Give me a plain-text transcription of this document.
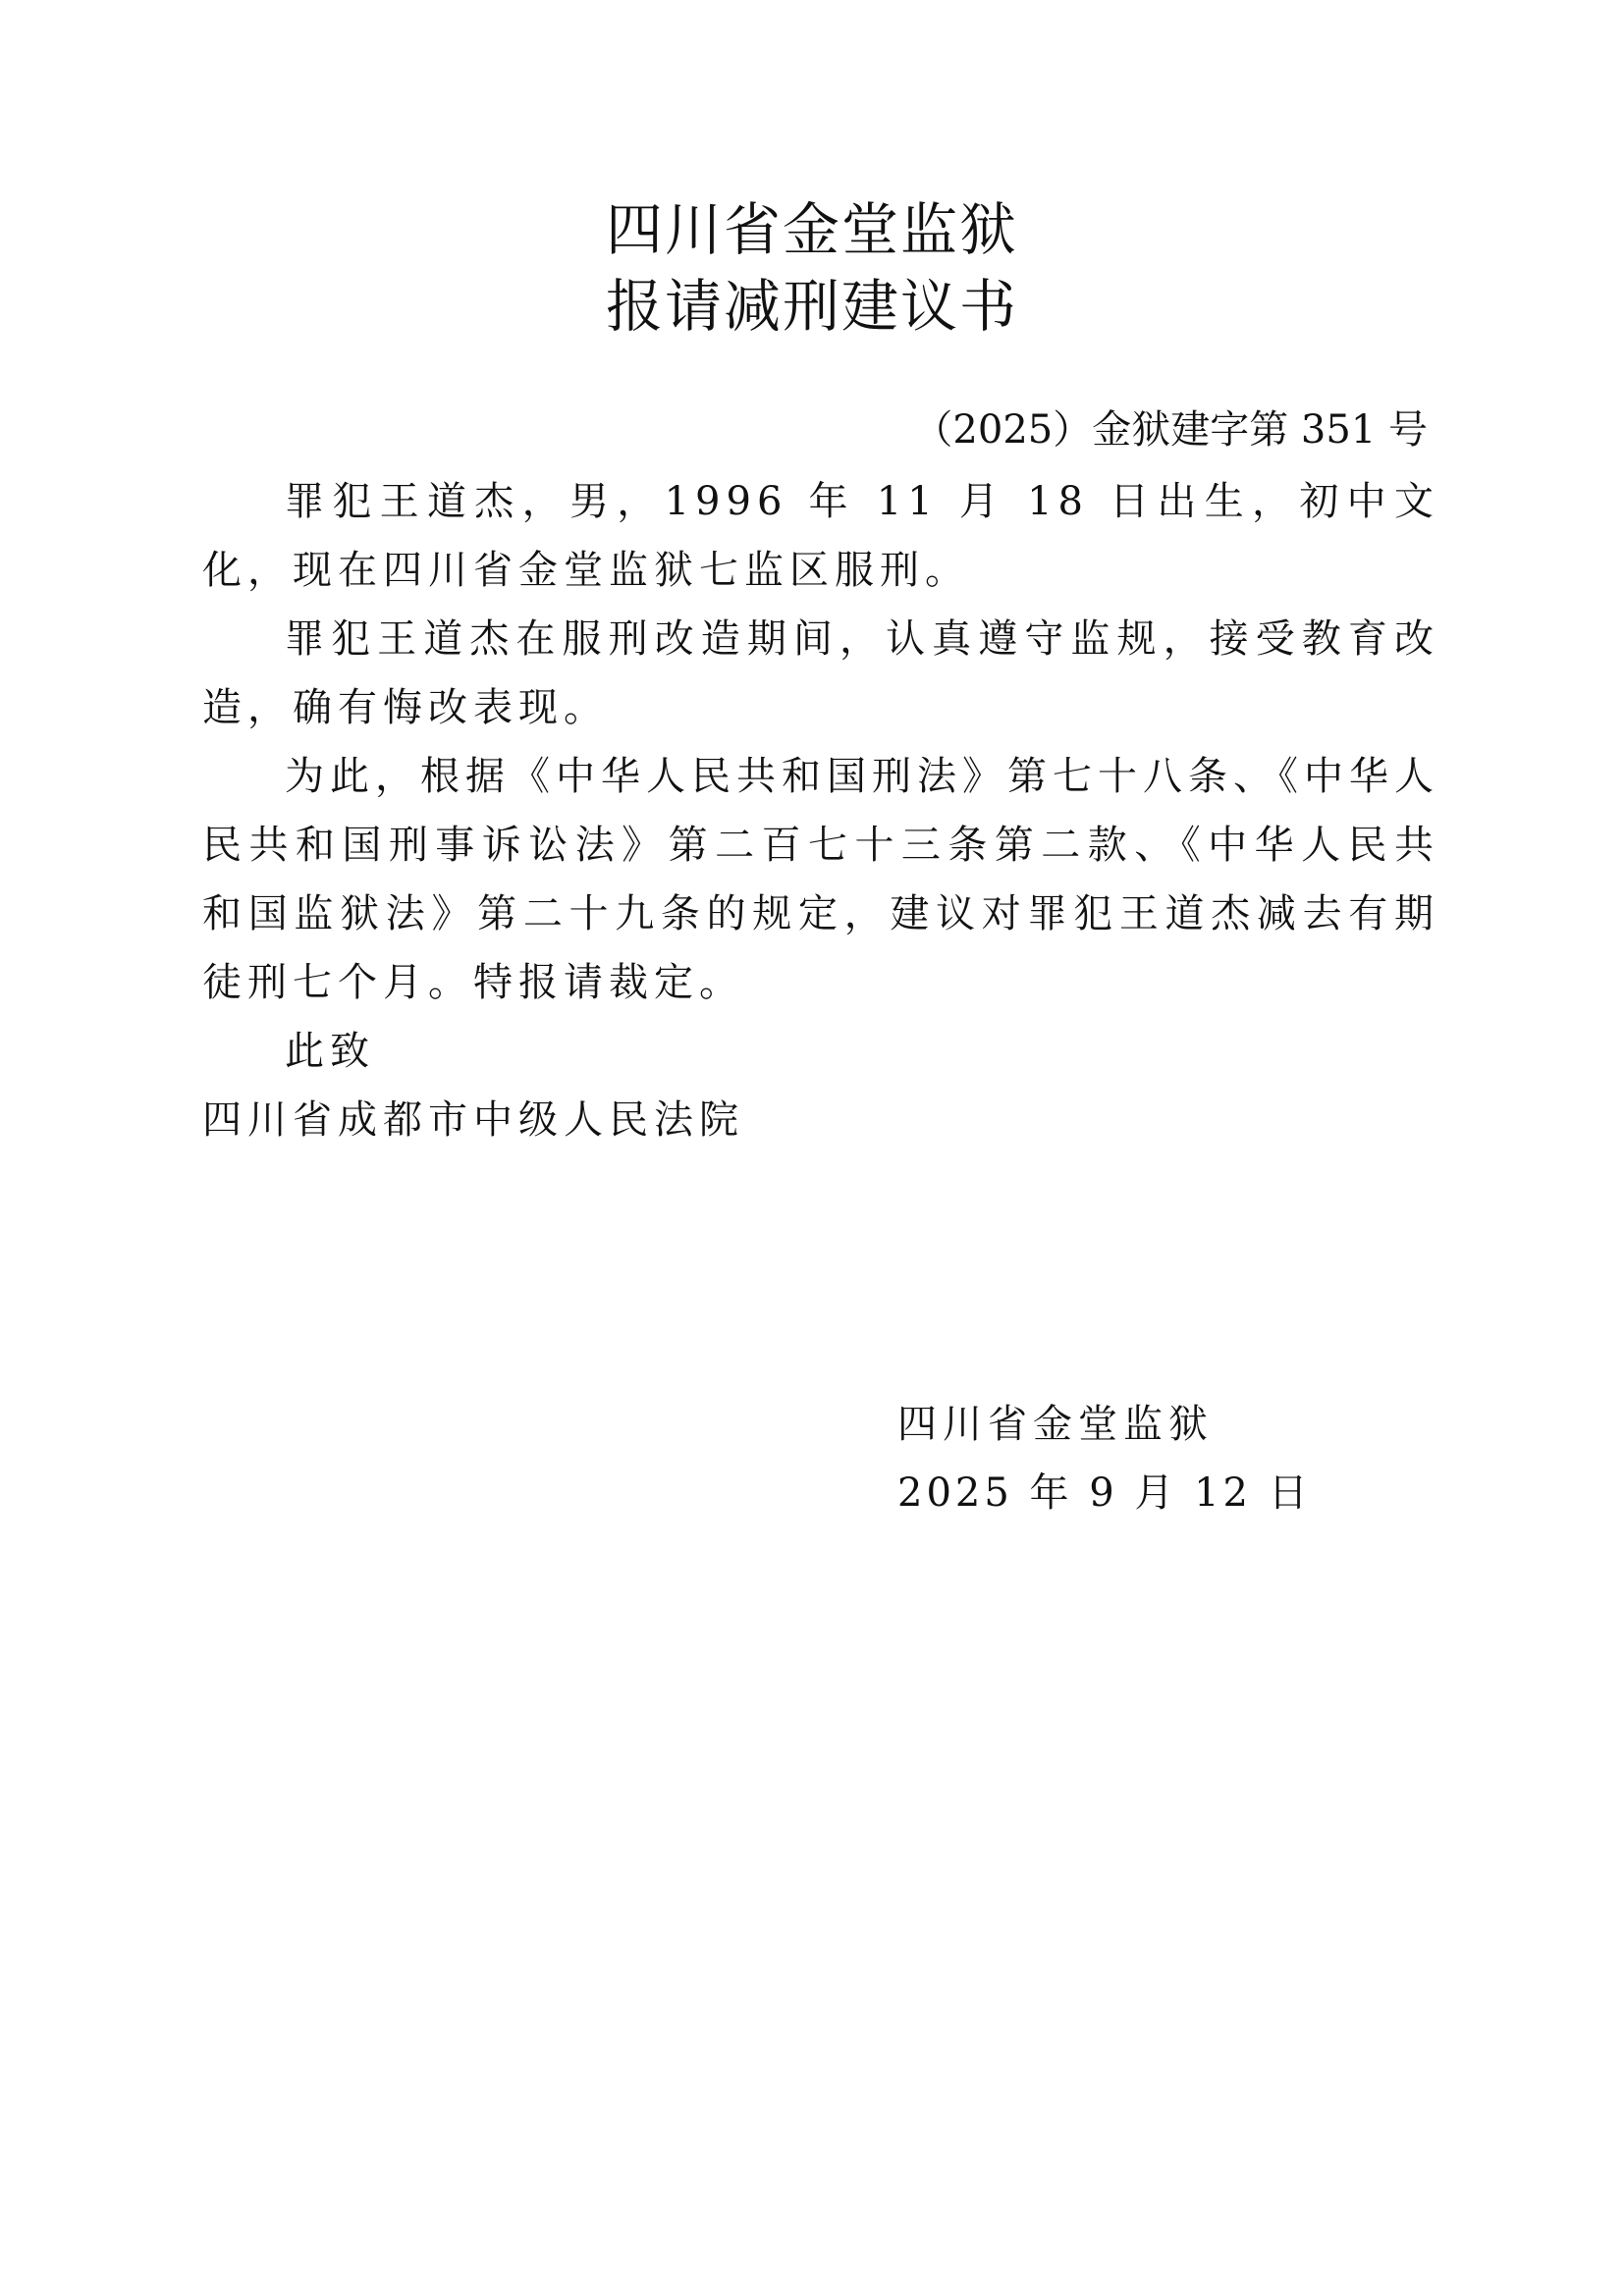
四川省金堂监狱
报请减刑建议书
（2025）金狱建字第 351 号

罪犯王道杰，男，1996 年 11 月 18 日出生，初中文化，现在四川省金堂监狱七监区服刑。

罪犯王道杰在服刑改造期间，认真遵守监规，接受教育改造，确有悔改表现。

为此，根据《中华人民共和国刑法》第七十八条、《中华人民共和国刑事诉讼法》第二百七十三条第二款、《中华人民共和国监狱法》第二十九条的规定，建议对罪犯王道杰减去有期徒刑七个月。特报请裁定。

此致
四川省成都市中级人民法院
四川省金堂监狱
2025 年 9 月 12 日
